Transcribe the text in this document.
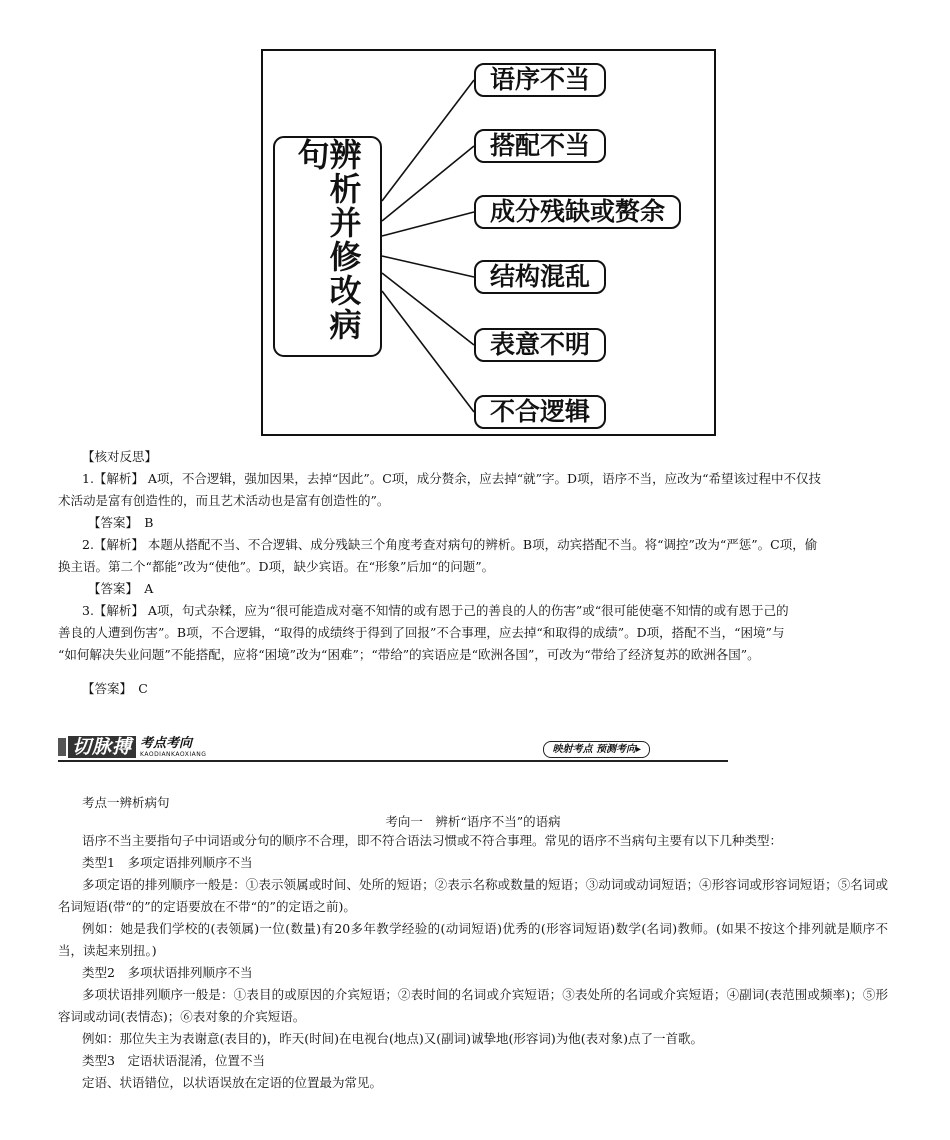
辨析并修改病句
语序不当
搭配不当
成分残缺或赘余
结构混乱
表意不明
不合逻辑
【核对反思】
1.【解析】 A项，不合逻辑，强加因果，去掉“因此”。C项，成分赘余，应去掉“就”字。D项，语序不当，应改为“希望该过程中不仅技
术活动是富有创造性的，而且艺术活动也是富有创造性的”。
【答案】　B
2.【解析】 本题从搭配不当、不合逻辑、成分残缺三个角度考查对病句的辨析。B项，动宾搭配不当。将“调控”改为“严惩”。C项，偷
换主语。第二个“都能”改为“使他”。D项，缺少宾语。在“形象”后加“的问题”。
【答案】　A
3.【解析】 A项，句式杂糅，应为“很可能造成对毫不知情的或有恩于己的善良的人的伤害”或“很可能使毫不知情的或有恩于己的
善良的人遭到伤害”。B项，不合逻辑，“取得的成绩终于得到了回报”不合事理，应去掉“和取得的成绩”。D项，搭配不当，“困境”与
“如何解决失业问题”不能搭配，应将“困境”改为“困难”；“带给”的宾语应是“欧洲各国”，可改为“带给了经济复苏的欧洲各国”。
【答案】　C
切脉搏 考点考向
KAODIANKAOXIANG	映射考点 预测考向▸
考点一辨析病句
考向一　辨析“语序不当”的语病
语序不当主要指句子中词语或分句的顺序不合理，即不符合语法习惯或不符合事理。常见的语序不当病句主要有以下几种类型：
类型1　多项定语排列顺序不当
多项定语的排列顺序一般是：①表示领属或时间、处所的短语；②表示名称或数量的短语；③动词或动词短语；④形容词或形容词短语；⑤名词或名词短语(带“的”的定语要放在不带“的”的定语之前)。
例如：她是我们学校的(表领属)一位(数量)有20多年教学经验的(动词短语)优秀的(形容词短语)数学(名词)教师。(如果不按这个排列就是顺序不当，读起来别扭。)
类型2　多项状语排列顺序不当
多项状语排列顺序一般是：①表目的或原因的介宾短语；②表时间的名词或介宾短语；③表处所的名词或介宾短语；④副词(表范围或频率)；⑤形容词或动词(表情态)；⑥表对象的介宾短语。
例如：那位失主为表谢意(表目的)，昨天(时间)在电视台(地点)又(副词)诚挚地(形容词)为他(表对象)点了一首歌。
类型3　定语状语混淆，位置不当
定语、状语错位，以状语误放在定语的位置最为常见。
